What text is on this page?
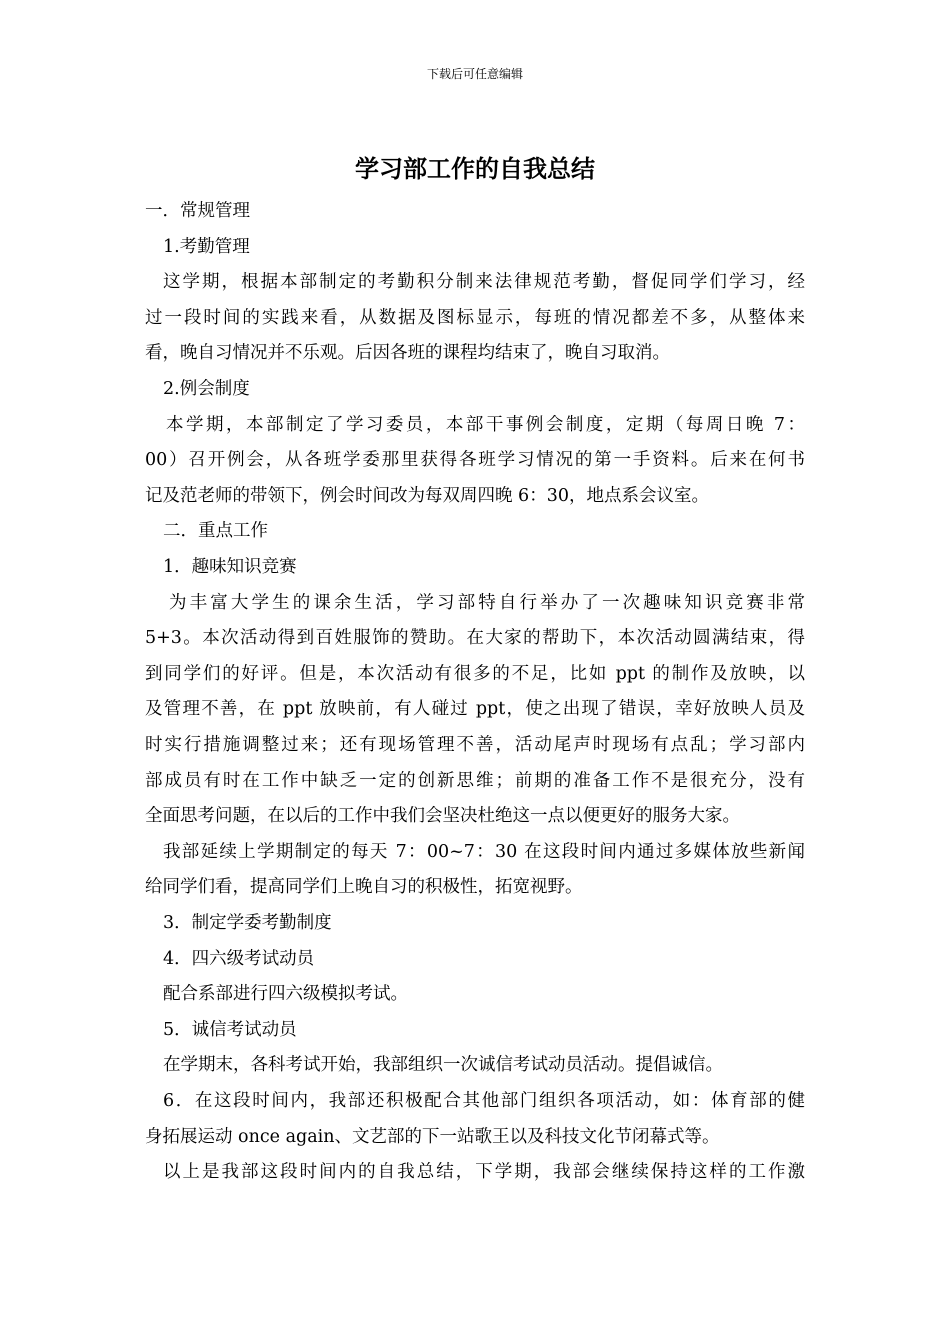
下载后可任意编辑
学习部工作的自我总结
一．常规管理
1.考勤管理
这学期，根据本部制定的考勤积分制来法律规范考勤，督促同学们学习，经
过一段时间的实践来看，从数据及图标显示，每班的情况都差不多，从整体来
看，晚自习情况并不乐观。后因各班的课程均结束了，晚自习取消。
2.例会制度
本学期，本部制定了学习委员，本部干事例会制度，定期（每周日晚 7：
00）召开例会，从各班学委那里获得各班学习情况的第一手资料。后来在何书
记及范老师的带领下，例会时间改为每双周四晚 6：30，地点系会议室。
二．重点工作
1．趣味知识竞赛
为丰富大学生的课余生活，学习部特自行举办了一次趣味知识竞赛非常
5+3。本次活动得到百姓服饰的赞助。在大家的帮助下，本次活动圆满结束，得
到同学们的好评。但是，本次活动有很多的不足，比如 ppt 的制作及放映，以
及管理不善，在 ppt 放映前，有人碰过 ppt，使之出现了错误，幸好放映人员及
时实行措施调整过来；还有现场管理不善，活动尾声时现场有点乱；学习部内
部成员有时在工作中缺乏一定的创新思维；前期的准备工作不是很充分，没有
全面思考问题，在以后的工作中我们会坚决杜绝这一点以便更好的服务大家。
我部延续上学期制定的每天 7：00~7：30 在这段时间内通过多媒体放些新闻
给同学们看，提高同学们上晚自习的积极性，拓宽视野。
3．制定学委考勤制度
4．四六级考试动员
配合系部进行四六级模拟考试。
5．诚信考试动员
在学期末，各科考试开始，我部组织一次诚信考试动员活动。提倡诚信。
6．在这段时间内，我部还积极配合其他部门组织各项活动，如：体育部的健
身拓展运动 once again、文艺部的下一站歌王以及科技文化节闭幕式等。
以上是我部这段时间内的自我总结，下学期，我部会继续保持这样的工作激
